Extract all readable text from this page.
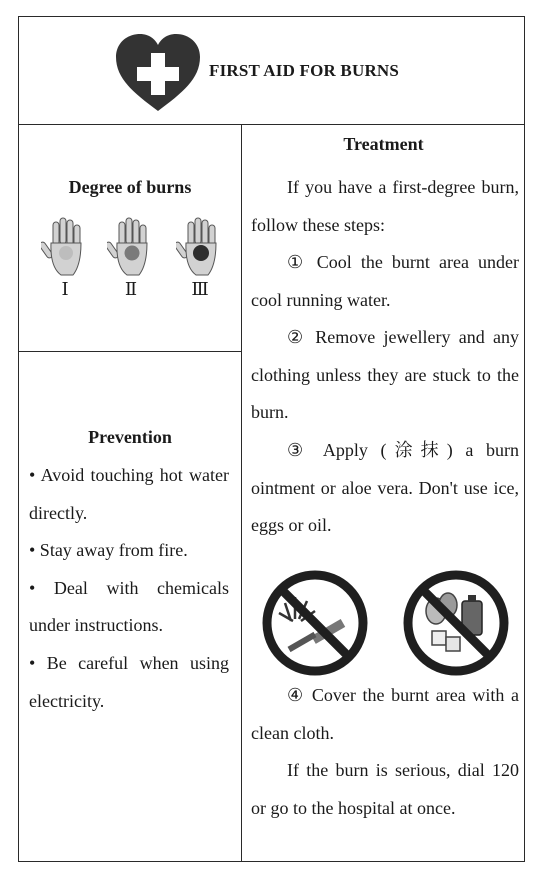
FIRST AID FOR BURNS
Degree of burns
Ⅰ	Ⅱ	Ⅲ
Prevention

• Avoid touching hot water directly.

• Stay away from fire.

• Deal with chemicals under instructions.

• Be careful when using electricity.

Treatment

If you have a first-degree burn, follow these steps:

① Cool the burnt area under cool running water.

② Remove jewellery and any clothing unless they are stuck to the burn.

③ Apply (涂抹) a burn ointment or aloe vera. Don't use ice, eggs or oil.

④ Cover the burnt area with a clean cloth.

If the burn is serious, dial 120 or go to the hospital at once.
